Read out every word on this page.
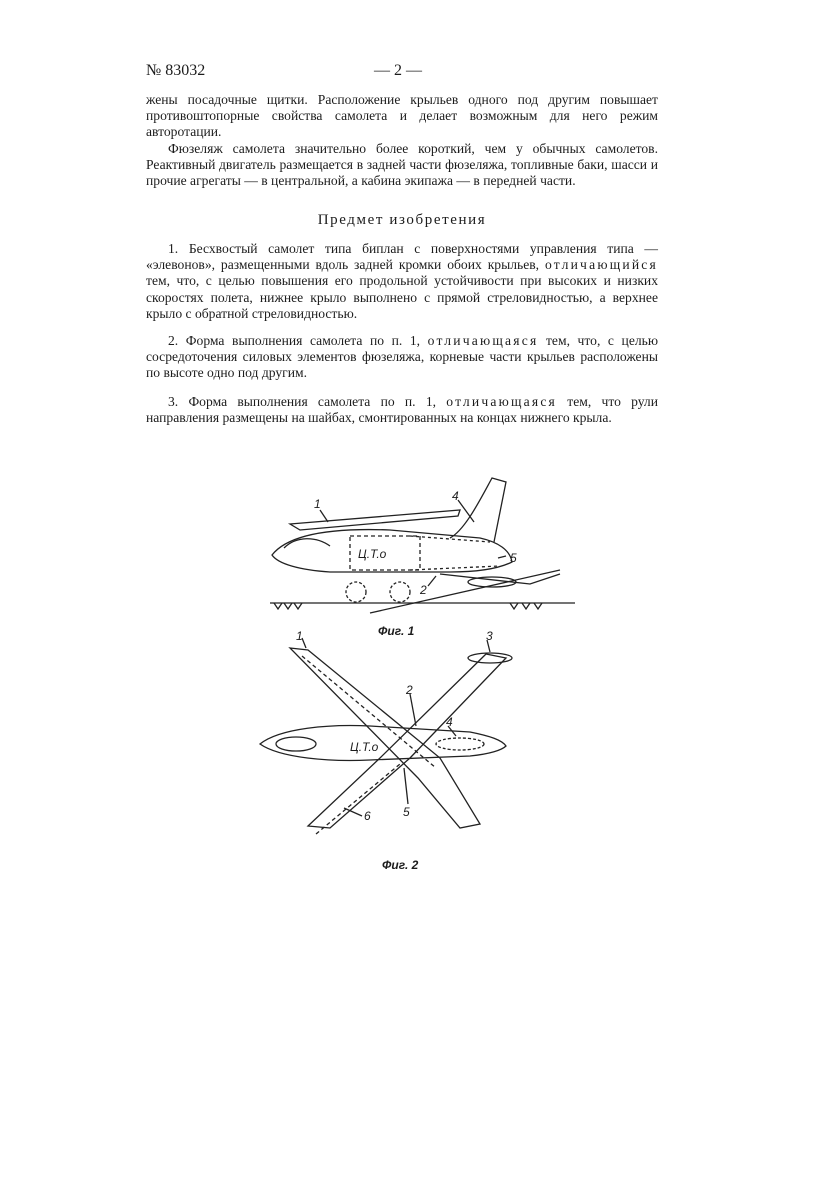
№ 83032	— 2 —

жены посадочные щитки. Расположение крыльев одного под другим повышает противоштопорные свойства самолета и делает возможным для него режим авторотации.

Фюзеляж самолета значительно более короткий, чем у обычных самолетов. Реактивный двигатель размещается в задней части фюзеляжа, топливные баки, шасси и прочие агрегаты — в центральной, а кабина экипажа — в передней части.

Предмет изобретения

1. Бесхвостый самолет типа биплан с поверхностями управления типа — «элевонов», размещенными вдоль задней кромки обоих крыльев, отличающийся тем, что, с целью повышения его продольной устойчивости при высоких и низких скоростях полета, нижнее крыло выполнено с прямой стреловидностью, а верхнее крыло с обратной стреловидностью.

2. Форма выполнения самолета по п. 1, отличающаяся тем, что, с целью сосредоточения силовых элементов фюзеляжа, корневые части крыльев расположены по высоте одно под другим.

3. Форма выполнения самолета по п. 1, отличающаяся тем, что рули направления размещены на шайбах, смонтированных на концах нижнего крыла.

Ц.Т.о
1
2
4
5
Фиг. 1
Ц.Т.о
1
2
3
4
5
6
Фиг. 2
